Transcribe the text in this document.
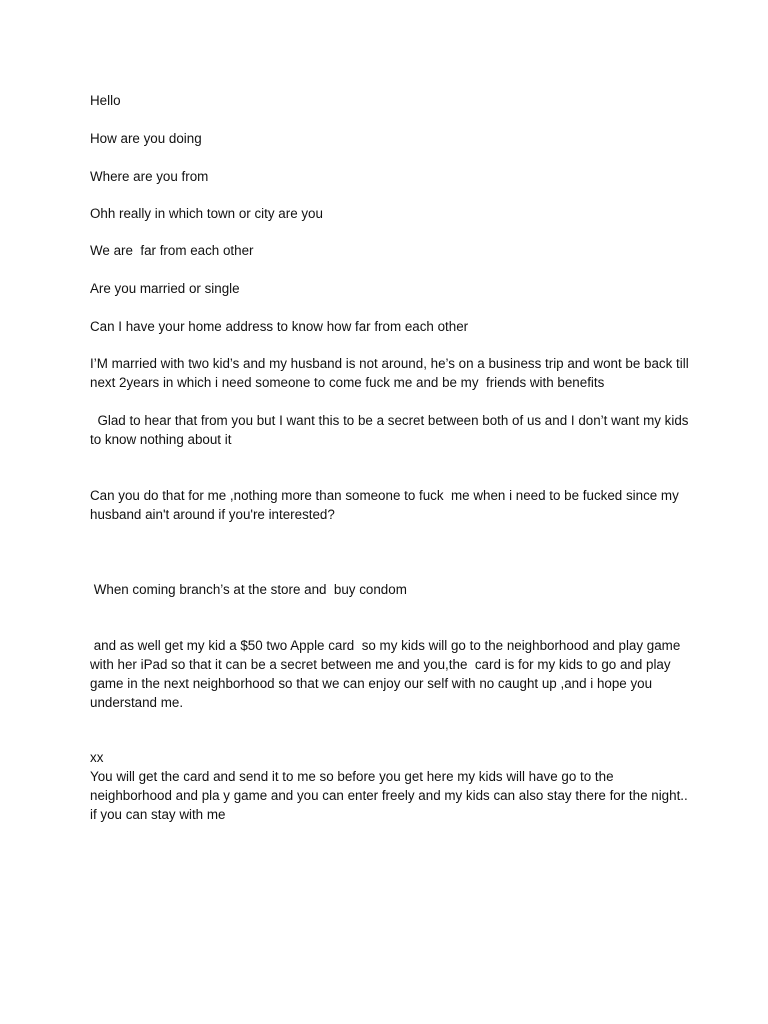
Hello

How are you doing

Where are you from

Ohh really in which town or city are you

We are  far from each other

Are you married or single

Can I have your home address to know how far from each other

I’M married with two kid’s and my husband is not around, he’s on a business trip and wont be back till next 2years in which i need someone to come fuck me and be my  friends with benefits

Glad to hear that from you but I want this to be a secret between both of us and I don’t want my kids to know nothing about it

Can you do that for me ,nothing more than someone to fuck  me when i need to be fucked since my husband ain't around if you're interested?

When coming branch’s at the store and  buy condom

and as well get my kid a $50 two Apple card  so my kids will go to the neighborhood and play game with her iPad so that it can be a secret between me and you,the  card is for my kids to go and play game in the next neighborhood so that we can enjoy our self with no caught up ,and i hope you understand me.

xx
You will get the card and send it to me so before you get here my kids will have go to the neighborhood and pla y game and you can enter freely and my kids can also stay there for the night.. if you can stay with me
